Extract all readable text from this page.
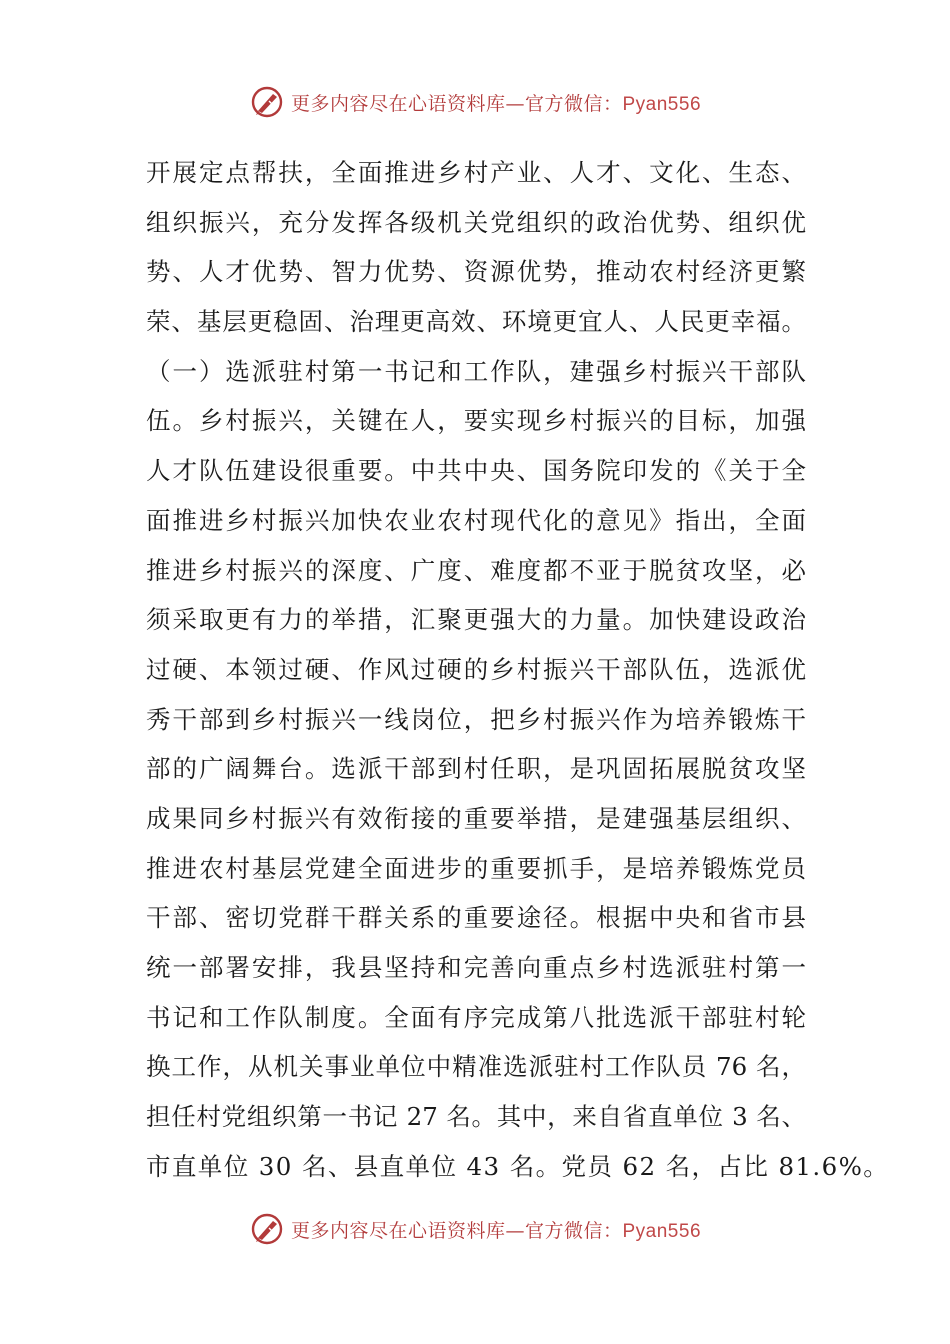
更多内容尽在心语资料库—官方微信：Pyan556
开展定点帮扶，全面推进乡村产业、人才、文化、生态、
组织振兴，充分发挥各级机关党组织的政治优势、组织优
势、人才优势、智力优势、资源优势，推动农村经济更繁
荣、基层更稳固、治理更高效、环境更宜人、人民更幸福。
（一）选派驻村第一书记和工作队，建强乡村振兴干部队
伍。乡村振兴，关键在人，要实现乡村振兴的目标，加强
人才队伍建设很重要。中共中央、国务院印发的《关于全
面推进乡村振兴加快农业农村现代化的意见》指出，全面
推进乡村振兴的深度、广度、难度都不亚于脱贫攻坚，必
须采取更有力的举措，汇聚更强大的力量。加快建设政治
过硬、本领过硬、作风过硬的乡村振兴干部队伍，选派优
秀干部到乡村振兴一线岗位，把乡村振兴作为培养锻炼干
部的广阔舞台。选派干部到村任职，是巩固拓展脱贫攻坚
成果同乡村振兴有效衔接的重要举措，是建强基层组织、
推进农村基层党建全面进步的重要抓手，是培养锻炼党员
干部、密切党群干群关系的重要途径。根据中央和省市县
统一部署安排，我县坚持和完善向重点乡村选派驻村第一
书记和工作队制度。全面有序完成第八批选派干部驻村轮
换工作，从机关事业单位中精准选派驻村工作队员 76 名，
担任村党组织第一书记 27 名。其中，来自省直单位 3 名、
市直单位 30 名、县直单位 43 名。党员 62 名，占比 81.6%。
更多内容尽在心语资料库—官方微信：Pyan556
